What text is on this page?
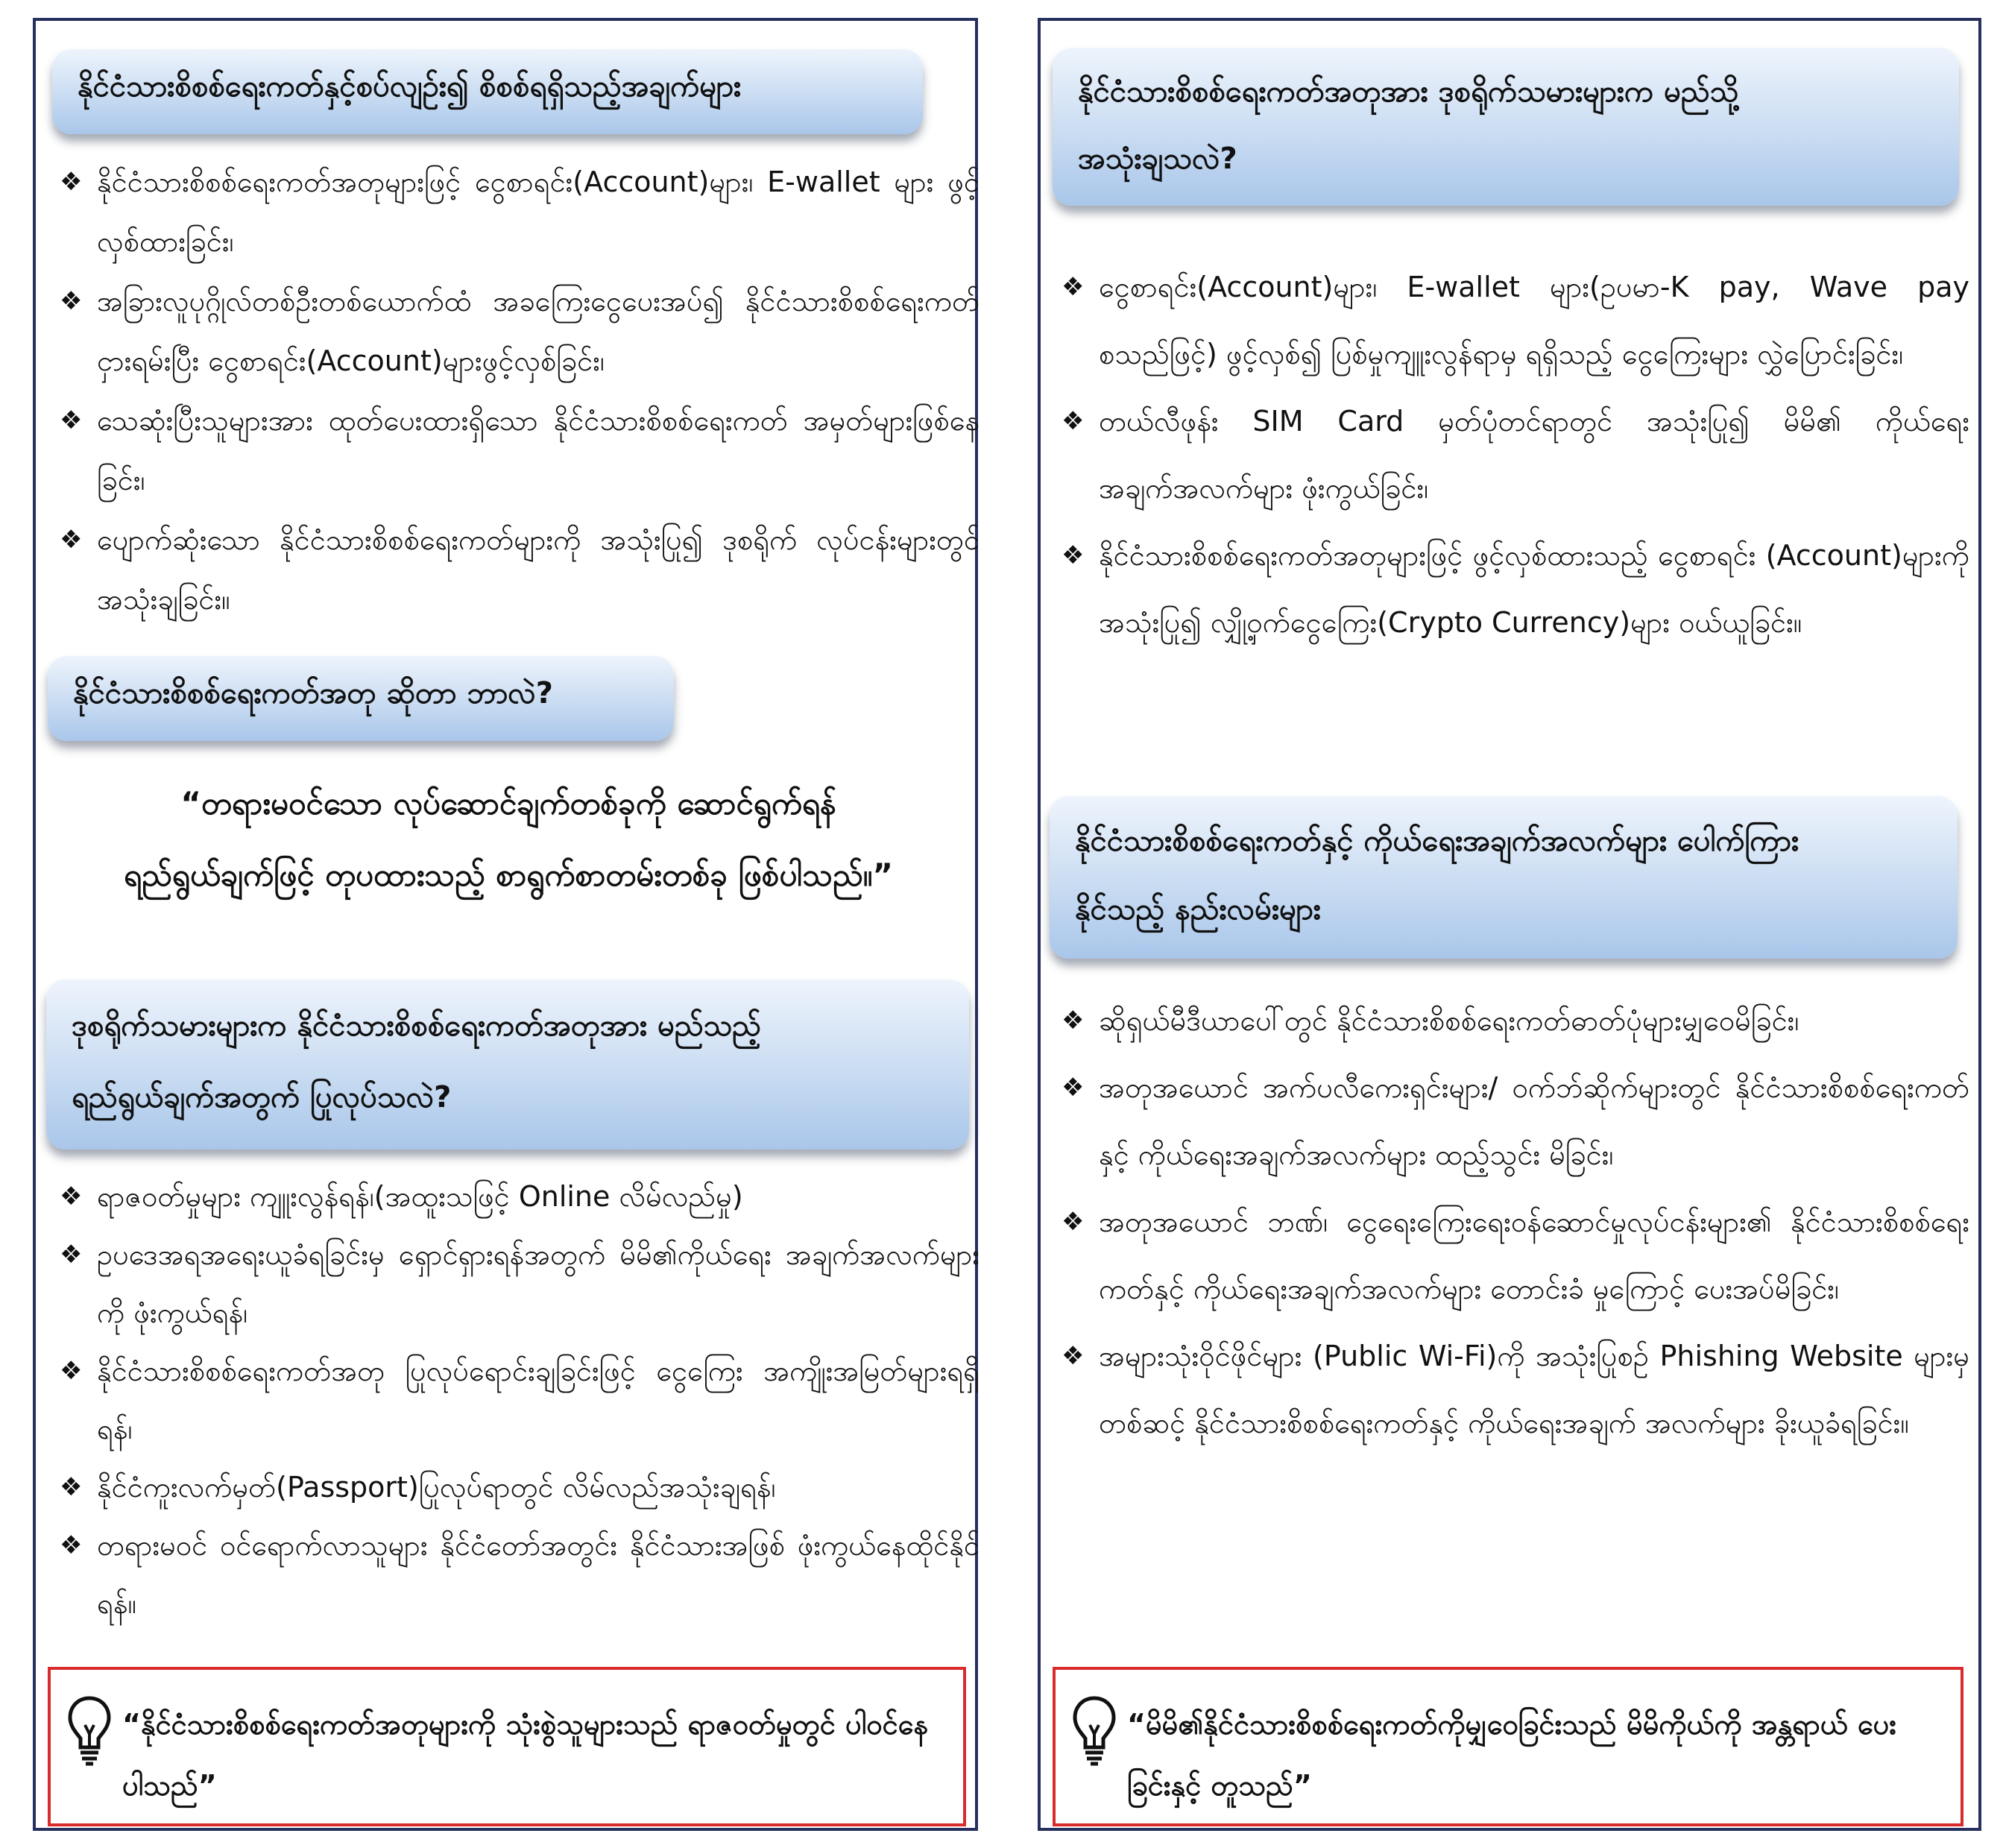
နိုင်ငံသားစိစစ်ရေးကတ်နှင့်စပ်လျဉ်း၍ စိစစ်ရရှိသည့်အချက်များ
❖ နိုင်ငံသားစိစစ်ရေးကတ်အတုများဖြင့် ငွေစာရင်း(Account)များ၊ E-wallet များ ဖွင့်လှစ်ထားခြင်း၊
❖ အခြားလူပုဂ္ဂိုလ်တစ်ဦးတစ်ယောက်ထံ အခကြေးငွေပေးအပ်၍ နိုင်ငံသားစိစစ်ရေးကတ်ငှားရမ်းပြီး ငွေစာရင်း(Account)များဖွင့်လှစ်ခြင်း၊
❖ သေဆုံးပြီးသူများအား ထုတ်ပေးထားရှိသော နိုင်ငံသားစိစစ်ရေးကတ် အမှတ်များဖြစ်နေခြင်း၊
❖ ပျောက်ဆုံးသော နိုင်ငံသားစိစစ်ရေးကတ်များကို အသုံးပြု၍ ဒုစရိုက် လုပ်ငန်းများတွင် အသုံးချခြင်း။
နိုင်ငံသားစိစစ်ရေးကတ်အတု ဆိုတာ ဘာလဲ?
“တရားမဝင်သော လုပ်ဆောင်ချက်တစ်ခုကို ဆောင်ရွက်ရန် ရည်ရွယ်ချက်ဖြင့် တုပထားသည့် စာရွက်စာတမ်းတစ်ခု ဖြစ်ပါသည်။”
ဒုစရိုက်သမားများက နိုင်ငံသားစိစစ်ရေးကတ်အတုအား မည်သည့်
ရည်ရွယ်ချက်အတွက် ပြုလုပ်သလဲ?
❖ ရာဇဝတ်မှုများ ကျူးလွန်ရန်၊(အထူးသဖြင့် Online လိမ်လည်မှု)
❖ ဥပဒေအရအရေးယူခံရခြင်းမှ ရှောင်ရှားရန်အတွက် မိမိ၏ကိုယ်ရေး အချက်အလက်များကို ဖုံးကွယ်ရန်၊
❖ နိုင်ငံသားစိစစ်ရေးကတ်အတု ပြုလုပ်ရောင်းချခြင်းဖြင့် ငွေကြေး အကျိုးအမြတ်များရရှိရန်၊
❖ နိုင်ငံကူးလက်မှတ်(Passport)ပြုလုပ်ရာတွင် လိမ်လည်အသုံးချရန်၊
❖ တရားမဝင် ဝင်ရောက်လာသူများ နိုင်ငံတော်အတွင်း နိုင်ငံသားအဖြစ် ဖုံးကွယ်နေထိုင်နိုင်ရန်။
“နိုင်ငံသားစိစစ်ရေးကတ်အတုများကို သုံးစွဲသူများသည် ရာဇဝတ်မှုတွင် ပါဝင်နေပါသည်”
နိုင်ငံသားစိစစ်ရေးကတ်အတုအား ဒုစရိုက်သမားများက မည်သို့
အသုံးချသလဲ?
❖ ငွေစာရင်း(Account)များ၊ E-wallet များ(ဥပမာ-K pay, Wave pay စသည်ဖြင့်) ဖွင့်လှစ်၍ ပြစ်မှုကျူးလွန်ရာမှ ရရှိသည့် ငွေကြေးများ လွှဲပြောင်းခြင်း၊
❖ တယ်လီဖုန်း SIM Card မှတ်ပုံတင်ရာတွင် အသုံးပြု၍ မိမိ၏ ကိုယ်ရေးအချက်အလက်များ ဖုံးကွယ်ခြင်း၊
❖ နိုင်ငံသားစိစစ်ရေးကတ်အတုများဖြင့် ဖွင့်လှစ်ထားသည့် ငွေစာရင်း (Account)များကိုအသုံးပြု၍ လျှို့ဝှက်ငွေကြေး(Crypto Currency)များ ဝယ်ယူခြင်း။
နိုင်ငံသားစိစစ်ရေးကတ်နှင့် ကိုယ်ရေးအချက်အလက်များ ပေါက်ကြား
နိုင်သည့် နည်းလမ်းများ
❖ ဆိုရှယ်မီဒီယာပေါ်တွင် နိုင်ငံသားစိစစ်ရေးကတ်ဓာတ်ပုံများမျှဝေမိခြင်း၊
❖ အတုအယောင် အက်ပလီကေးရှင်းများ/ ဝက်ဘ်ဆိုက်များတွင် နိုင်ငံသားစိစစ်ရေးကတ်နှင့် ကိုယ်ရေးအချက်အလက်များ ထည့်သွင်း မိခြင်း၊
❖ အတုအယောင် ဘဏ်၊ ငွေရေးကြေးရေးဝန်ဆောင်မှုလုပ်ငန်းများ၏ နိုင်ငံသားစိစစ်ရေးကတ်နှင့် ကိုယ်ရေးအချက်အလက်များ တောင်းခံ မှုကြောင့် ပေးအပ်မိခြင်း၊
❖ အများသုံးဝိုင်ဖိုင်များ (Public Wi-Fi)ကို အသုံးပြုစဉ် Phishing Website များမှတစ်ဆင့် နိုင်ငံသားစိစစ်ရေးကတ်နှင့် ကိုယ်ရေးအချက် အလက်များ ခိုးယူခံရခြင်း။
“မိမိ၏နိုင်ငံသားစိစစ်ရေးကတ်ကိုမျှဝေခြင်းသည် မိမိကိုယ်ကို အန္တရာယ် ပေးခြင်းနှင့် တူသည်”
